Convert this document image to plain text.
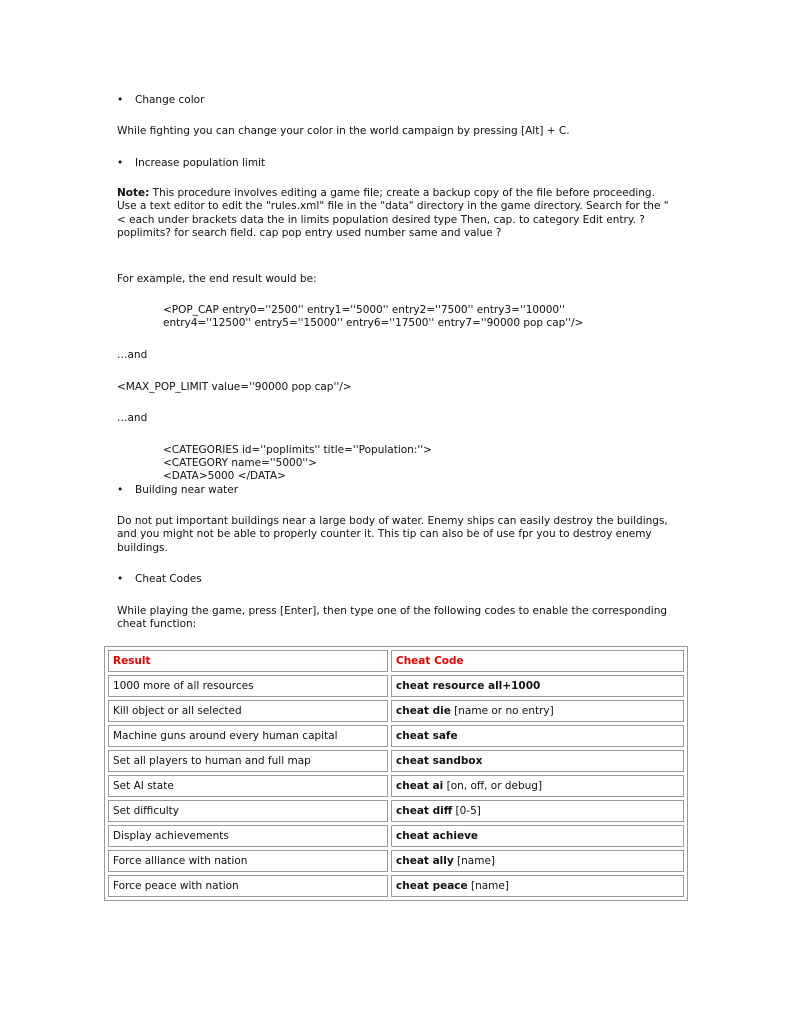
• Change color
While fighting you can change your color in the world campaign by pressing [Alt] + C.
• Increase population limit
Note: This procedure involves editing a game file; create a backup copy of the file before proceeding. Use a text editor to edit the "rules.xml" file in the "data" directory in the game directory. Search for the "< each under brackets data the in limits population desired type Then, cap. to category Edit entry. ?poplimits? for search field. cap pop entry used number same and value ?
For example, the end result would be:
<POP_CAP entry0=''2500'' entry1=''5000'' entry2=''7500'' entry3=''10000''
entry4=''12500'' entry5=''15000'' entry6=''17500'' entry7=''90000 pop cap''/>
…and
<MAX_POP_LIMIT value=''90000 pop cap''/>
…and
<CATEGORIES id=''poplimits'' title=''Population:''>
<CATEGORY name=''5000''>
<DATA>5000 </DATA>
• Building near water
Do not put important buildings near a large body of water. Enemy ships can easily destroy the buildings, and you might not be able to properly counter it. This tip can also be of use fpr you to destroy enemy buildings.
• Cheat Codes
While playing the game, press [Enter], then type one of the following codes to enable the corresponding cheat function:
Result	Cheat Code
1000 more of all resources	cheat resource all+1000
Kill object or all selected	cheat die [name or no entry]
Machine guns around every human capital	cheat safe
Set all players to human and full map	cheat sandbox
Set AI state	cheat ai [on, off, or debug]
Set difficulty	cheat diff [0-5]
Display achievements	cheat achieve
Force alliance with nation	cheat ally [name]
Force peace with nation	cheat peace [name]
